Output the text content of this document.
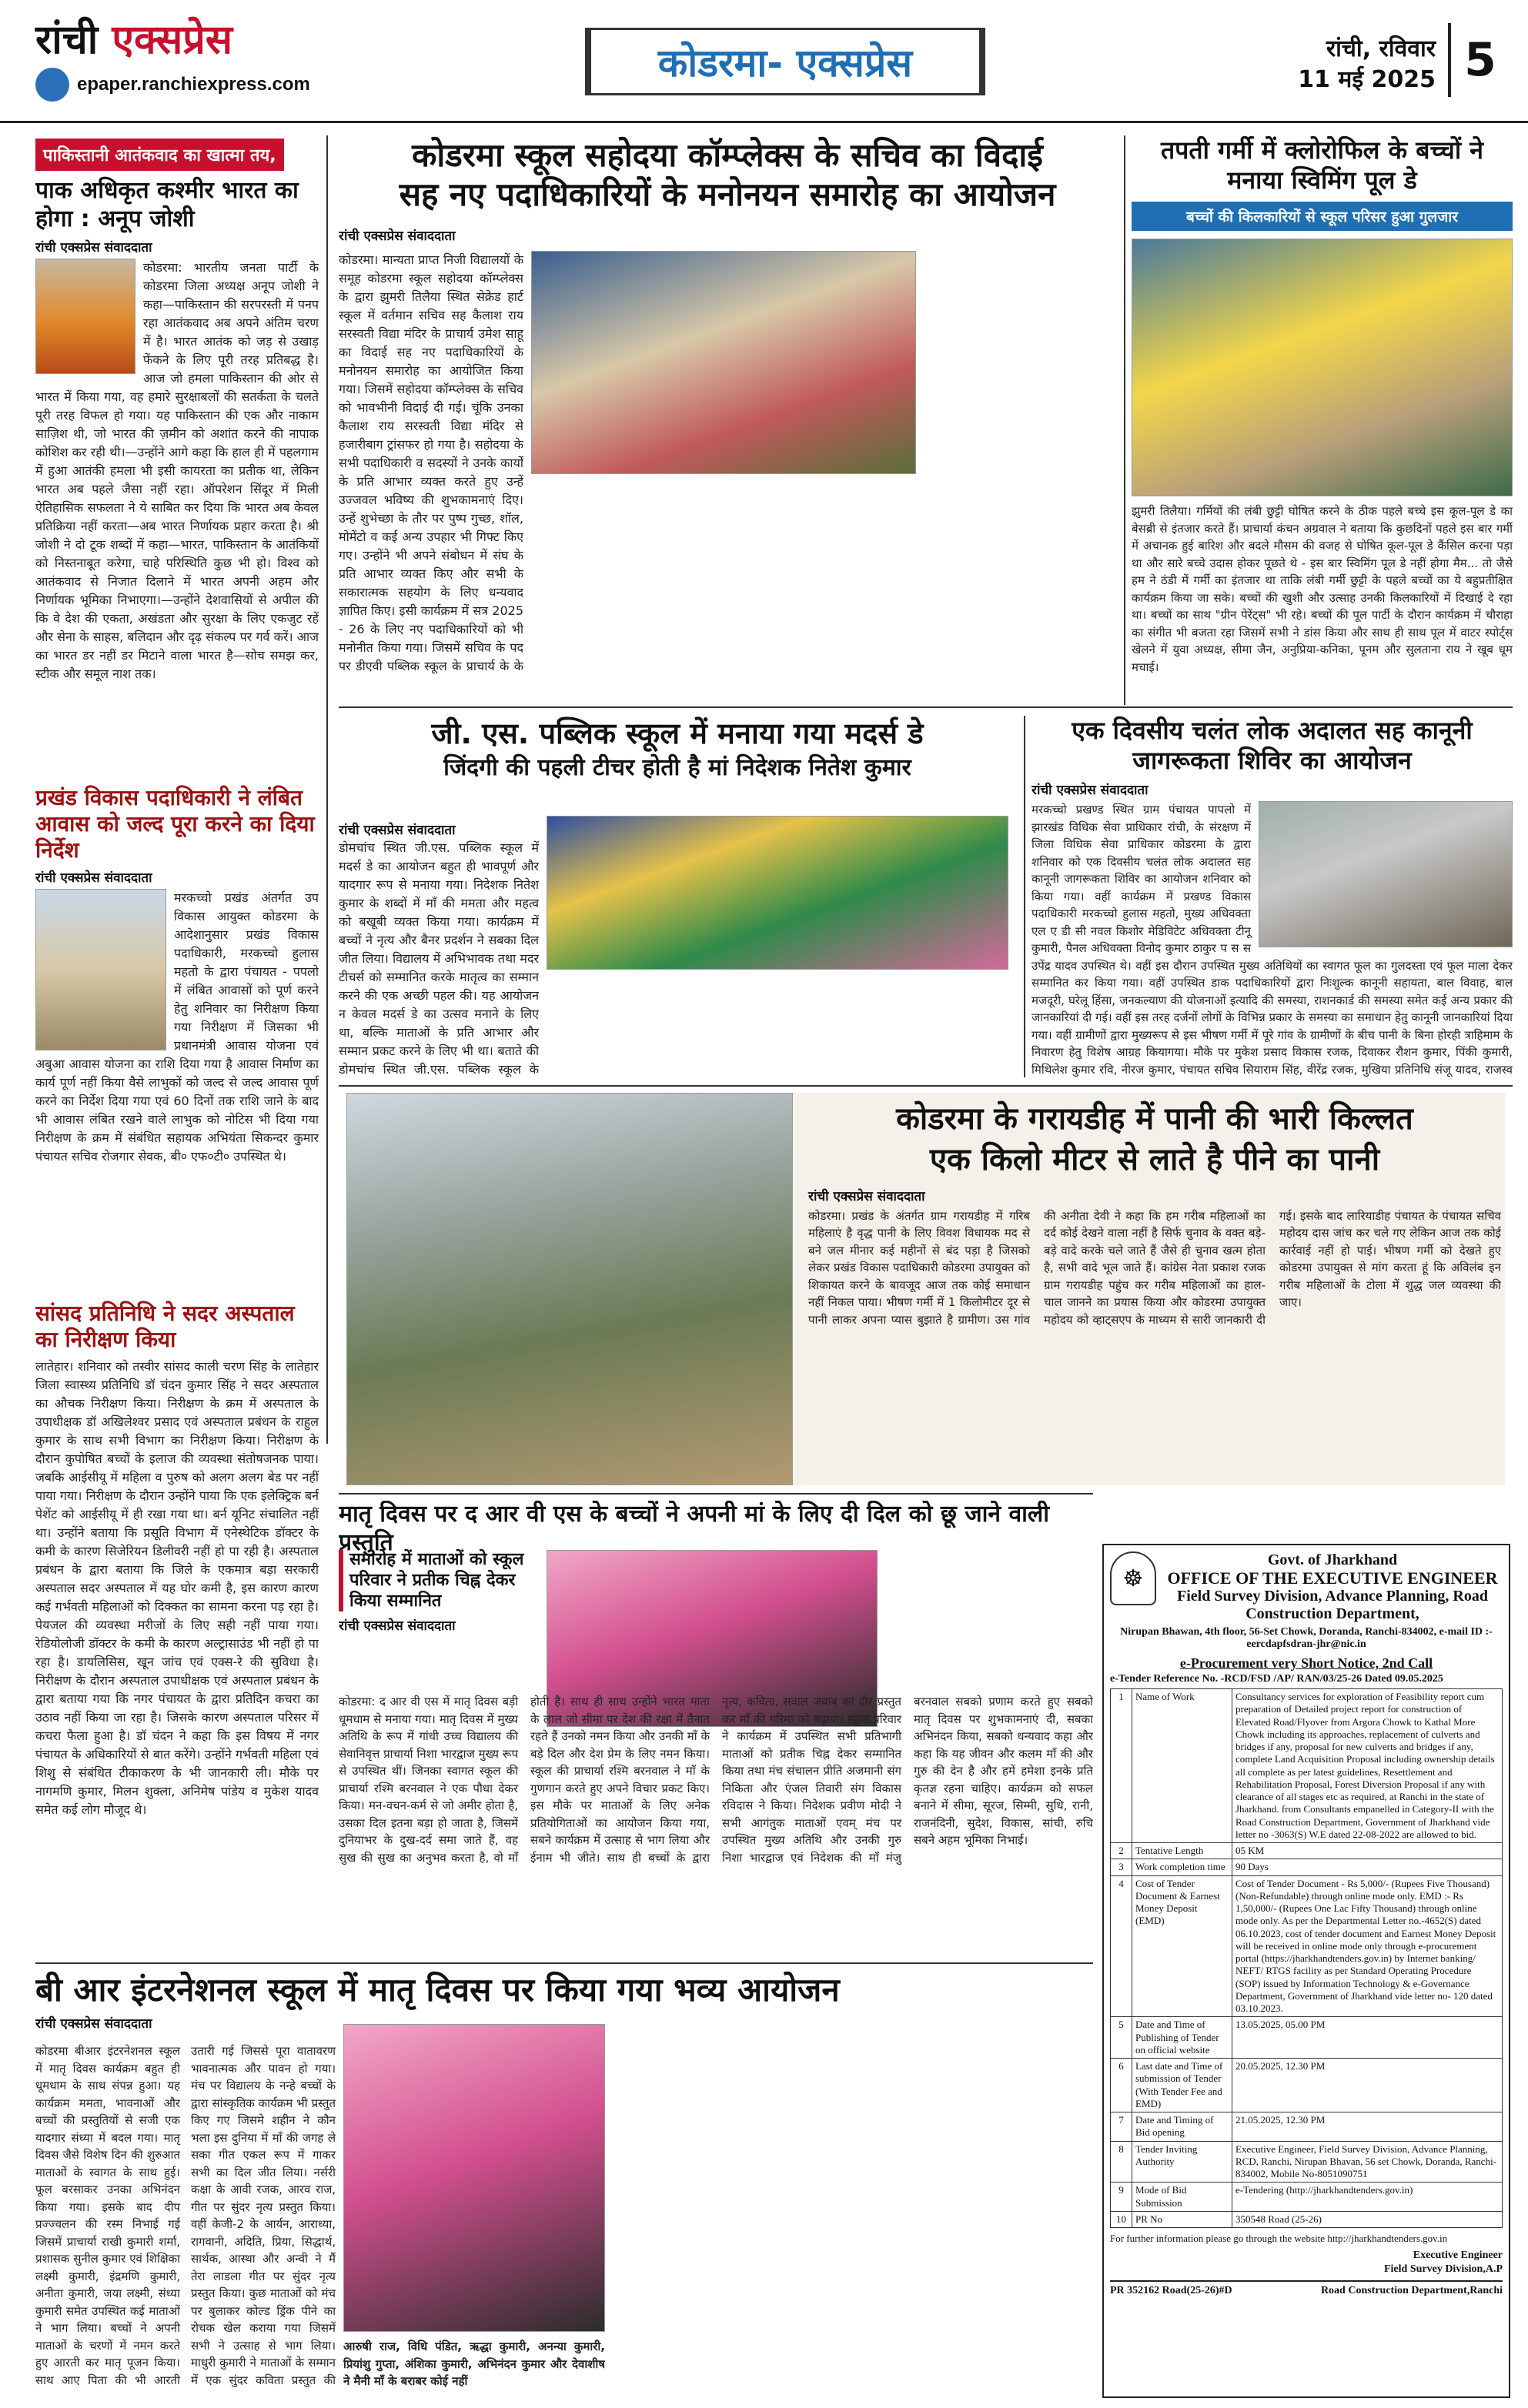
रांची एक्सप्रेस
epaper.ranchiexpress.com	कोडरमा- एक्सप्रेस	रांची, रविवार
11 मई 2025 5
पाकिस्तानी आतंकवाद का खात्मा तय,
पाक अधिकृत कश्मीर भारत का होगा : अनूप जोशी
रांची एक्सप्रेस संवाददाता

कोडरमा: भारतीय जनता पार्टी के कोडरमा जिला अध्यक्ष अनूप जोशी ने कहा—पाकिस्तान की सरपरस्ती में पनप रहा आतंकवाद अब अपने अंतिम चरण में है। भारत आतंक को जड़ से उखाड़ फेंकने के लिए पूरी तरह प्रतिबद्ध है। आज जो हमला पाकिस्तान की ओर से भारत में किया गया, वह हमारे सुरक्षाबलों की सतर्कता के चलते पूरी तरह विफल हो गया। यह पाकिस्तान की एक और नाकाम साज़िश थी, जो भारत की ज़मीन को अशांत करने की नापाक कोशिश कर रही थी।—उन्होंने आगे कहा कि हाल ही में पहलगाम में हुआ आतंकी हमला भी इसी कायरता का प्रतीक था, लेकिन भारत अब पहले जैसा नहीं रहा। ऑपरेशन सिंदूर में मिली ऐतिहासिक सफलता ने ये साबित कर दिया कि भारत अब केवल प्रतिक्रिया नहीं करता—अब भारत निर्णायक प्रहार करता है। श्री जोशी ने दो टूक शब्दों में कहा—भारत, पाकिस्तान के आतंकियों को निस्तनाबूत करेगा, चाहे परिस्थिति कुछ भी हो। विश्व को आतंकवाद से निजात दिलाने में भारत अपनी अहम और निर्णायक भूमिका निभाएगा।—उन्होंने देशवासियों से अपील की कि वे देश की एकता, अखंडता और सुरक्षा के लिए एकजुट रहें और सेना के साहस, बलिदान और दृढ़ संकल्प पर गर्व करें। आज का भारत डर नहीं डर मिटाने वाला भारत है—सोच समझ कर, स्टीक और समूल नाश तक।

प्रखंड विकास पदाधिकारी ने लंबित आवास को जल्द पूरा करने का दिया निर्देश
रांची एक्सप्रेस संवाददाता

मरकच्चो प्रखंड अंतर्गत उप विकास आयुक्त कोडरमा के आदेशानुसार प्रखंड विकास पदाधिकारी, मरकच्चो हुलास महतो के द्वारा पंचायत - पपलो में लंबित आवासों को पूर्ण करने हेतु शनिवार का निरीक्षण किया गया निरीक्षण में जिसका भी प्रधानमंत्री आवास योजना एवं अबुआ आवास योजना का राशि दिया गया है आवास निर्माण का कार्य पूर्ण नहीं किया वैसे लाभुकों को जल्द से जल्द आवास पूर्ण करने का निर्देश दिया गया एवं 60 दिनों तक राशि जाने के बाद भी आवास लंबित रखने वाले लाभुक को नोटिस भी दिया गया निरीक्षण के क्रम में संबंधित सहायक अभियंता सिकन्दर कुमार पंचायत सचिव रोजगार सेवक, बी० एफ०टी० उपस्थित थे।

सांसद प्रतिनिधि ने सदर अस्पताल का निरीक्षण किया

लातेहार। शनिवार को तस्वीर सांसद काली चरण सिंह के लातेहार जिला स्वास्थ्य प्रतिनिधि डॉ चंदन कुमार सिंह ने सदर अस्पताल का औचक निरीक्षण किया। निरीक्षण के क्रम में अस्पताल के उपाधीक्षक डॉ अखिलेश्वर प्रसाद एवं अस्पताल प्रबंधन के राहुल कुमार के साथ सभी विभाग का निरीक्षण किया। निरीक्षण के दौरान कुपोषित बच्चों के इलाज की व्यवस्था संतोषजनक पाया। जबकि आईसीयू में महिला व पुरुष को अलग अलग बेड पर नहीं पाया गया। निरीक्षण के दौरान उन्होंने पाया कि एक इलेक्ट्रिक बर्न पेशेंट को आईसीयू में ही रखा गया था। बर्न यूनिट संचालित नहीं था। उन्होंने बताया कि प्रसूति विभाग में एनेस्थेटिक डॉक्टर के कमी के कारण सिजेरियन डिलीवरी नहीं हो पा रही है। अस्पताल प्रबंधन के द्वारा बताया कि जिले के एकमात्र बड़ा सरकारी अस्पताल सदर अस्पताल में यह घोर कमी है, इस कारण कारण कई गर्भवती महिलाओं को दिक्कत का सामना करना पड़ रहा है। पेयजल की व्यवस्था मरीजों के लिए सही नहीं पाया गया। रेडियोलोजी डॉक्टर के कमी के कारण अल्ट्रासाउंड भी नहीं हो पा रहा है। डायलिसिस, खून जांच एवं एक्स-रे की सुविधा है। निरीक्षण के दौरान अस्पताल उपाधीक्षक एवं अस्पताल प्रबंधन के द्वारा बताया गया कि नगर पंचायत के द्वारा प्रतिदिन कचरा का उठाव नहीं किया जा रहा है। जिसके कारण अस्पताल परिसर में कचरा फैला हुआ है। डॉ चंदन ने कहा कि इस विषय में नगर पंचायत के अधिकारियों से बात करेंगे। उन्होंने गर्भवती महिला एवं शिशु से संबंधित टीकाकरण के भी जानकारी ली। मौके पर नागमणि कुमार, मिलन शुक्ला, अनिमेष पांडेय व मुकेश यादव समेत कई लोग मौजूद थे।

कोडरमा स्कूल सहोदया कॉम्प्लेक्स के सचिव का विदाई
सह नए पदाधिकारियों के मनोनयन समारोह का आयोजन
रांची एक्सप्रेस संवाददाता
कोडरमा। मान्यता प्राप्त निजी विद्यालयों के समूह कोडरमा स्कूल सहोदया कॉम्प्लेक्स के द्वारा झुमरी तिलैया स्थित सेक्रेड हार्ट स्कूल में वर्तमान सचिव सह कैलाश राय सरस्वती विद्या मंदिर के प्राचार्य उमेश साहू का विदाई सह नए पदाधिकारियों के मनोनयन समारोह का आयोजित किया गया। जिसमें सहोदया कॉम्प्लेक्स के सचिव को भावभीनी विदाई दी गई। चूंकि उनका कैलाश राय सरस्वती विद्या मंदिर से हजारीबाग ट्रांसफर हो गया है। सहोदया के सभी पदाधिकारी व सदस्यों ने उनके कार्यों के प्रति आभार व्यक्त करते हुए उन्हें उज्जवल भविष्य की शुभकामनाएं दिए। उन्हें शुभेच्छा के तौर पर पुष्प गुच्छ, शॉल, मोमेंटो व कई अन्य उपहार भी गिफ्ट किए गए। उन्होंने भी अपने संबोधन में संघ के प्रति आभार व्यक्त किए और सभी के सकारात्मक सहयोग के लिए धन्यवाद ज्ञापित किए। इसी कार्यक्रम में सत्र 2025 - 26 के लिए नए पदाधिकारियों को भी मनोनीत किया गया। जिसमें सचिव के पद पर डीएवी पब्लिक स्कूल के प्राचार्य के के
तपती गर्मी में क्लोरोफिल के बच्चों ने मनाया स्विमिंग पूल डे
बच्चों की किलकारियों से स्कूल परिसर हुआ गुलजार

झुमरी तिलैया। गर्मियों की लंबी छुट्टी घोषित करने के ठीक पहले बच्चे इस कूल-पूल डे का बेसब्री से इंतजार करते हैं। प्राचार्या कंचन अग्रवाल ने बताया कि कुछदिनों पहले इस बार गर्मी में अचानक हुई बारिश और बदले मौसम की वजह से घोषित कूल-पूल डे कैंसिल करना पड़ा था और सारे बच्चे उदास होकर पूछते थे - इस बार स्विमिंग पूल डे नहीं होगा मैम... तो जैसे हम ने ठंडी में गर्मी का इंतजार था ताकि लंबी गर्मी छुट्टी के पहले बच्चों का ये बहुप्रतीक्षित कार्यक्रम किया जा सके। बच्चों की खुशी और उत्साह उनकी किलकारियों में दिखाई दे रहा था। बच्चों का साथ "ग्रीन पेरेंट्स" भी रहे। बच्चों की पूल पार्टी के दौरान कार्यक्रम में चौराहा का संगीत भी बजता रहा जिसमें सभी ने डांस किया और साथ ही साथ पूल में वाटर स्पोर्ट्स खेलने में युवा अध्यक्ष, सीमा जैन, अनुप्रिया-कनिका, पूनम और सुलताना राय ने खूब धूम मचाई।

जी. एस. पब्लिक स्कूल में मनाया गया मदर्स डे
जिंदगी की पहली टीचर होती है मां निदेशक नितेश कुमार
रांची एक्सप्रेस संवाददाता
डोमचांच स्थित जी.एस. पब्लिक स्कूल में मदर्स डे का आयोजन बहुत ही भावपूर्ण और यादगार रूप से मनाया गया। निदेशक नितेश कुमार के शब्दों में माँ की ममता और महत्व को बखूबी व्यक्त किया गया। कार्यक्रम में बच्चों ने नृत्य और बैनर प्रदर्शन ने सबका दिल जीत लिया। विद्यालय में अभिभावक तथा मदर टीचर्स को सम्मानित करके मातृत्व का सम्मान करने की एक अच्छी पहल की। यह आयोजन न केवल मदर्स डे का उत्सव मनाने के लिए था, बल्कि माताओं के प्रति आभार और सम्मान प्रकट करने के लिए भी था। बताते की डोमचांच स्थित जी.एस. पब्लिक स्कूल के
एक दिवसीय चलंत लोक अदालत सह कानूनी जागरूकता शिविर का आयोजन
रांची एक्सप्रेस संवाददाता

मरकच्चो प्रखण्ड स्थित ग्राम पंचायत पापलो में झारखंड विधिक सेवा प्राधिकार रांची, के संरक्षण में जिला विधिक सेवा प्राधिकार कोडरमा के द्वारा शनिवार को एक दिवसीय चलंत लोक अदालत सह कानूनी जागरूकता शिविर का आयोजन शनिवार को किया गया। वहीं कार्यक्रम में प्रखण्ड विकास पदाधिकारी मरकच्चो हुलास महतो, मुख्य अधिवक्ता एल ए डी सी नवल किशोर मेडिविटेट अधिवक्ता टीनू कुमारी, पैनल अधिवक्ता विनोद कुमार ठाकुर प स स उपेंद्र यादव उपस्थित थे। वहीं इस दौरान उपस्थित मुख्य अतिथियों का स्वागत फूल का गुलदस्ता एवं फूल माला देकर सम्मानित कर किया गया। वहीं उपस्थित डाक पदाधिकारियों द्वारा निःशुल्क कानूनी सहायता, बाल विवाह, बाल मजदूरी, घरेलू हिंसा, जनकल्याण की योजनाओं इत्यादि की समस्या, राशनकार्ड की समस्या समेत कई अन्य प्रकार की जानकारियां दी गई। वहीं इस तरह दर्जनों लोगों के विभिन्न प्रकार के समस्या का समाधान हेतु कानूनी जानकारियां दिया गया। वहीं ग्रामीणों द्वारा मुख्यरूप से इस भीषण गर्मी में पूरे गांव के ग्रामीणों के बीच पानी के बिना होरही त्राहिमाम के निवारण हेतु विशेष आग्रह कियागया। मौके पर मुकेश प्रसाद विकास रजक, दिवाकर रौशन कुमार, पिंकी कुमारी, मिथिलेश कुमार रवि, नीरज कुमार, पंचायत सचिव सियाराम सिंह, वीरेंद्र रजक, मुखिया प्रतिनिधि संजू यादव, राजस्व

कोडरमा के गरायडीह में पानी की भारी किल्लत
एक किलो मीटर से लाते है पीने का पानी
रांची एक्सप्रेस संवाददाता

कोडरमा। प्रखंड के अंतर्गत ग्राम गरायडीह में गरिब महिलाएं है वृद्ध पानी के लिए विवश विधायक मद से बने जल मीनार कई महीनों से बंद पड़ा है जिसको लेकर प्रखंड विकास पदाधिकारी कोडरमा उपायुक्त को शिकायत करने के बावजूद आज तक कोई समाधान नहीं निकल पाया। भीषण गर्मी में 1 किलोमीटर दूर से पानी लाकर अपना प्यास बुझाते है ग्रामीण। उस गांव की अनीता देवी ने कहा कि हम गरीब महिलाओं का दर्द कोई देखने वाला नहीं है सिर्फ चुनाव के वक्त बड़े-बड़े वादे करके चले जाते हैं जैसे ही चुनाव खत्म होता है, सभी वादे भूल जाते हैं। कांग्रेस नेता प्रकाश रजक ग्राम गरायडीह पहुंच कर गरीब महिलाओं का हाल-चाल जानने का प्रयास किया और कोडरमा उपायुक्त महोदय को व्हाट्सएप के माध्यम से सारी जानकारी दी गई। इसके बाद लारियाडीह पंचायत के पंचायत सचिव महोदय दास जांच कर चले गए लेकिन आज तक कोई कार्रवाई नहीं हो पाई। भीषण गर्मी को देखते हुए कोडरमा उपायुक्त से मांग करता हूं कि अविलंब इन गरीब महिलाओं के टोला में शुद्ध जल व्यवस्था की जाए।

मातृ दिवस पर द आर वी एस के बच्चों ने अपनी मां के लिए दी दिल को छू जाने वाली प्रस्तुति
समारोह में माताओं को स्कूल परिवार ने प्रतीक चिह्न देकर किया सम्मानित
रांची एक्सप्रेस संवाददाता
कोडरमा: द आर वी एस में मातृ दिवस बड़ी धूमधाम से मनाया गया। मातृ दिवस में मुख्य अतिथि के रूप में गांधी उच्च विद्यालय की सेवानिवृत्त प्राचार्या निशा भारद्वाज मुख्य रूप से उपस्थित थीं। जिनका स्वागत स्कूल की प्राचार्या रश्मि बरनवाल ने एक पौधा देकर किया। मन-वचन-कर्म से जो अमीर होता है, उसका दिल इतना बड़ा हो जाता है, जिसमें दुनियाभर के दुख-दर्द समा जाते हैं, वह सुख की सुख का अनुभव करता है, वो माँ होती है। साथ ही साथ उन्होंने भारत माता के लाल जो सीमा पर देश की रक्षा में तैनात रहते हैं उनको नमन किया और उनकी माँ के बड़े दिल और देश प्रेम के लिए नमन किया। स्कूल की प्राचार्या रश्मि बरनवाल ने माँ के गुणगान करते हुए अपने विचार प्रकट किए। इस मौके पर माताओं के लिए अनेक प्रतियोगिताओं का आयोजन किया गया, सबने कार्यक्रम में उत्साह से भाग लिया और ईनाम भी जीते। साथ ही बच्चों के द्वारा नृत्य, कविता, सवाल जवाब का दौर प्रस्तुत कर माँ की गरिमा को बढ़ाया। स्कूल परिवार ने कार्यक्रम में उपस्थित सभी प्रतिभागी माताओं को प्रतीक चिह्न देकर सम्मानित किया तथा मंच संचालन प्रीति अजमानी संग निकिता और एंजल तिवारी संग विकास रविदास ने किया। निदेशक प्रवीण मोदी ने सभी आगंतुक माताओं एवम् मंच पर उपस्थित मुख्य अतिथि और उनकी गुरु निशा भारद्वाज एवं निदेशक की माँ मंजु बरनवाल सबको प्रणाम करते हुए सबको मातृ दिवस पर शुभकामनाएं दी, सबका अभिनंदन किया, सबको धन्यवाद कहा और कहा कि यह जीवन और कलम माँ की और गुरु की देन है और हमें हमेशा इनके प्रति कृतज्ञ रहना चाहिए। कार्यक्रम को सफल बनाने में सीमा, सूरज, सिम्मी, सुधि, रानी, राजनंदिनी, सुदेश, विकास, सांची, रुचि सबने अहम भूमिका निभाई।
बी आर इंटरनेशनल स्कूल में मातृ दिवस पर किया गया भव्य आयोजन
रांची एक्सप्रेस संवाददाता
आरुषी राज, विधि पंडित, ऋद्धा कुमारी, अनन्या कुमारी, प्रियांशु गुप्ता, अंशिका कुमारी, अभिनंदन कुमार और देवाशीष ने मैनी माँ के बराबर कोई नहीं
कोडरमा बीआर इंटरनेशनल स्कूल में मातृ दिवस कार्यक्रम बहुत ही धूमधाम के साथ संपन्न हुआ। यह कार्यक्रम ममता, भावनाओं और बच्चों की प्रस्तुतियों से सजी एक यादगार संध्या में बदल गया। मातृ दिवस जैसे विशेष दिन की शुरुआत माताओं के स्वागत के साथ हुई। फूल बरसाकर उनका अभिनंदन किया गया। इसके बाद दीप प्रज्ज्वलन की रस्म निभाई गई जिसमें प्राचार्या राखी कुमारी शर्मा, प्रशासक सुनील कुमार एवं शिक्षिका लक्ष्मी कुमारी, इंद्रमणि कुमारी, अनीता कुमारी, जया लक्ष्मी, संध्या कुमारी समेत उपस्थित कई माताओं ने भाग लिया। बच्चों ने अपनी माताओं के चरणों में नमन करते हुए आरती कर मातृ पूजन किया। साथ आए पिता की भी आरती उतारी गई जिससे पूरा वातावरण भावनात्मक और पावन हो गया। मंच पर विद्यालय के नन्हे बच्चों के द्वारा सांस्कृतिक कार्यक्रम भी प्रस्तुत किए गए जिसमे शहीन ने कौन भला इस दुनिया में माँ की जगह ले सका गीत एकल रूप में गाकर सभी का दिल जीत लिया। नर्सरी कक्षा के आवी रजक, आरव राज, गीत पर सुंदर नृत्य प्रस्तुत किया। वहीं केजी-2 के आर्यन, आराध्या, रागवानी, अदिति, प्रिया, सिद्धार्थ, सार्थक, आस्था और अन्वी ने मैं तेरा लाडला गीत पर सुंदर नृत्य प्रस्तुत किया। कुछ माताओं को मंच पर बुलाकर कोल्ड ड्रिंक पीने का रोचक खेल कराया गया जिसमें सभी ने उत्साह से भाग लिया। माधुरी कुमारी ने माताओं के सम्मान में एक सुंदर कविता प्रस्तुत की
☸
Govt. of Jharkhand
OFFICE OF THE EXECUTIVE ENGINEER
Field Survey Division, Advance Planning, Road Construction Department,
Nirupan Bhawan, 4th floor, 56-Set Chowk, Doranda, Ranchi-834002, e-mail ID :- eercdapfsdran-jhr@nic.in
e-Procurement very Short Notice, 2nd Call
e-Tender Reference No. -RCD/FSD /AP/ RAN/03/25-26 Dated 09.05.2025
1	Name of Work	Consultancy services for exploration of Feasibility report cum preparation of Detailed project report for construction of Elevated Road/Flyover from Argora Chowk to Kathal More Chowk including its approaches, replacement of culverts and bridges if any, proposal for new culverts and bridges if any, complete Land Acquisition Proposal including ownership details all complete as per latest guidelines, Resettlement and Rehabilitation Proposal, Forest Diversion Proposal if any with clearance of all stages etc as required, at Ranchi in the state of Jharkhand. from Consultants empanelled in Category-II with the Road Construction Department, Government of Jharkhand vide letter no -3063(S) W.E dated 22-08-2022 are allowed to bid.
2	Tentative Length	05 KM
3	Work completion time	90 Days
4	Cost of Tender Document & Earnest Money Deposit (EMD)	Cost of Tender Document - Rs 5,000/- (Rupees Five Thousand) (Non-Refundable) through online mode only. EMD :- Rs 1,50,000/- (Rupees One Lac Fifty Thousand) through online mode only. As per the Departmental Letter no.-4652(S) dated 06.10.2023, cost of tender document and Earnest Money Deposit will be received in online mode only through e-procurement portal (https://jharkhandtenders.gov.in) by Internet banking/ NEFT/ RTGS facility as per Standard Operating Procedure (SOP) issued by Information Technology & e-Governance Department, Government of Jharkhand vide letter no- 120 dated 03.10.2023.
5	Date and Time of Publishing of Tender on official website	13.05.2025, 05.00 PM
6	Last date and Time of submission of Tender (With Tender Fee and EMD)	20.05.2025, 12.30 PM
7	Date and Timing of Bid opening	21.05.2025, 12.30 PM
8	Tender Inviting Authority	Executive Engineer, Field Survey Division, Advance Planning, RCD, Ranchi, Nirupan Bhavan, 56 set Chowk, Doranda, Ranchi-834002, Mobile No-8051090751
9	Mode of Bid Submission	e-Tendering (http://jharkhandtenders.gov.in)
10	PR No	350548 Road (25-26)
For further information please go through the website http://jharkhandtenders.gov.in
Executive Engineer
Field Survey Division,A.P
PR 352162 Road(25-26)#D	Road Construction Department,Ranchi
